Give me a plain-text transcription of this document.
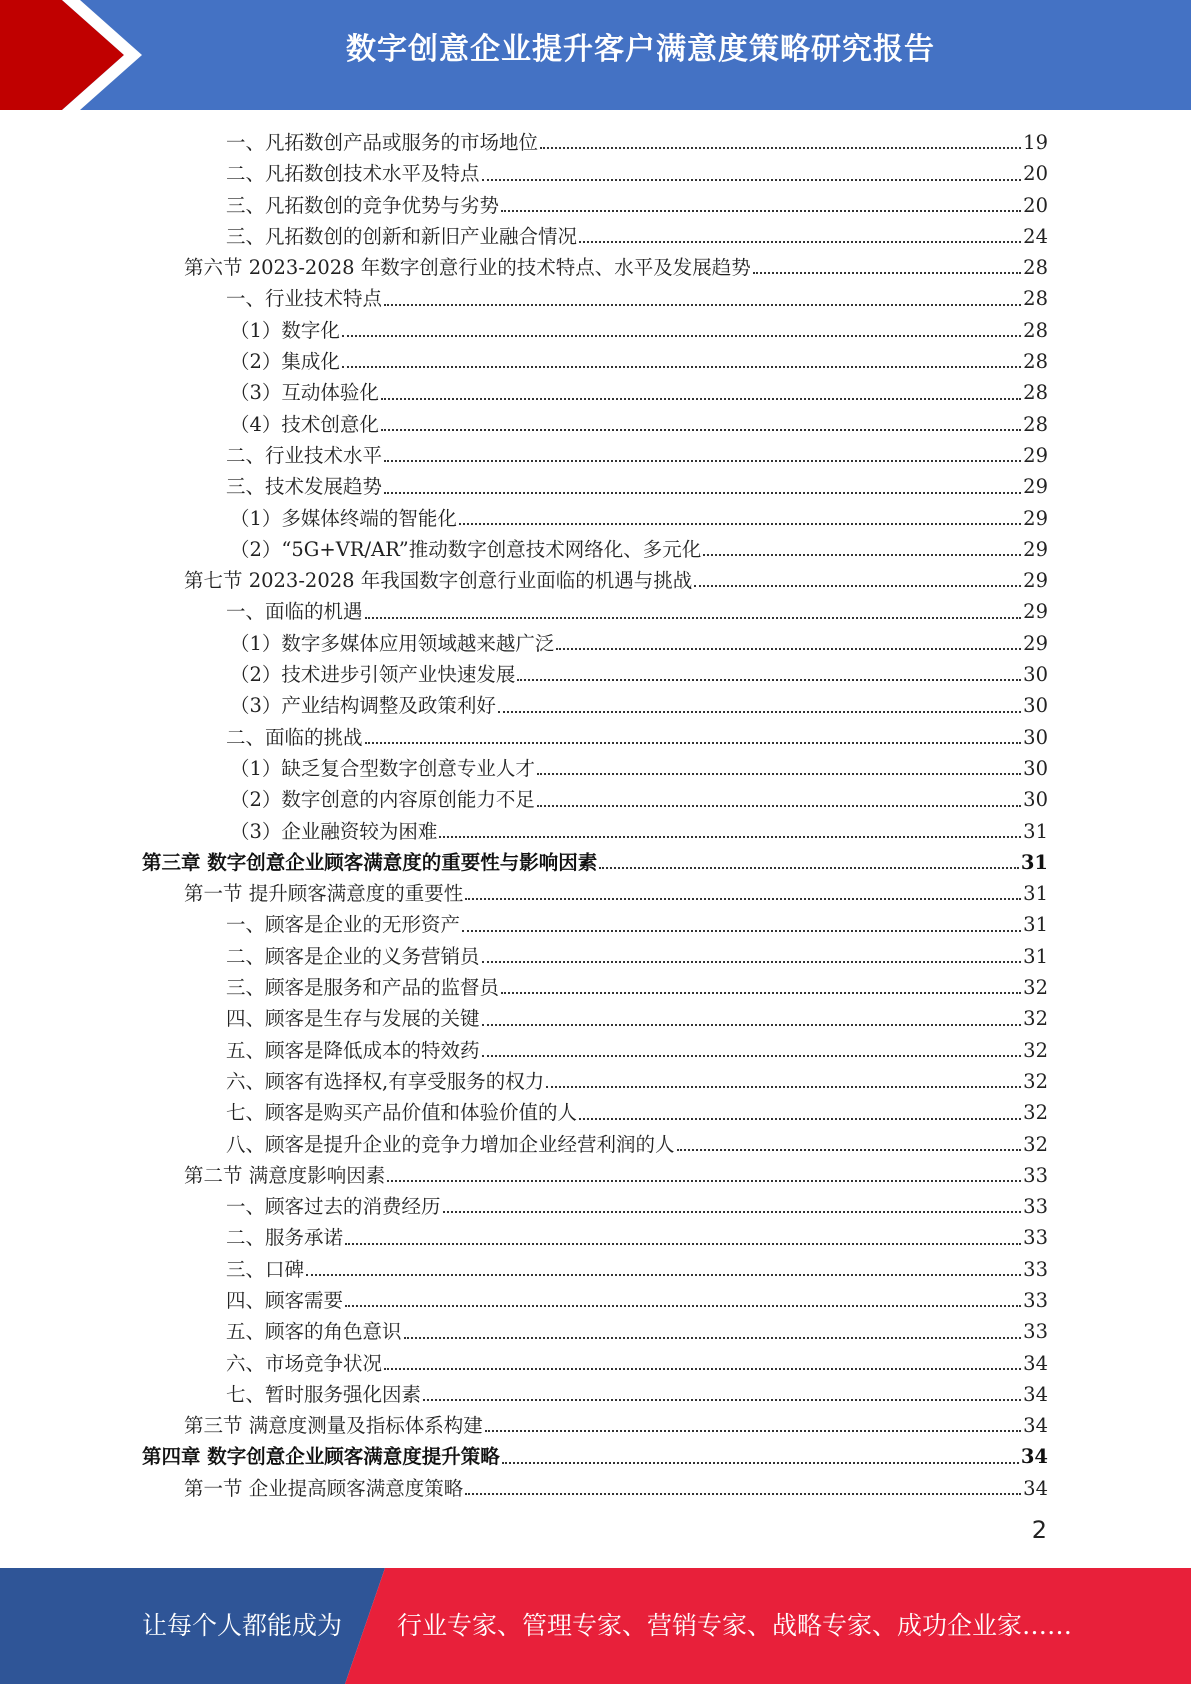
数字创意企业提升客户满意度策略研究报告
一、凡拓数创产品或服务的市场地位	19
二、凡拓数创技术水平及特点	20
三、凡拓数创的竞争优势与劣势	20
三、凡拓数创的创新和新旧产业融合情况	24
第六节 2023-2028 年数字创意行业的技术特点、水平及发展趋势	28
一、行业技术特点	28
（1）数字化	28
（2）集成化	28
（3）互动体验化	28
（4）技术创意化	28
二、行业技术水平	29
三、技术发展趋势	29
（1）多媒体终端的智能化	29
（2）“5G+VR/AR”推动数字创意技术网络化、多元化	29
第七节 2023-2028 年我国数字创意行业面临的机遇与挑战	29
一、面临的机遇	29
（1）数字多媒体应用领域越来越广泛	29
（2）技术进步引领产业快速发展	30
（3）产业结构调整及政策利好	30
二、面临的挑战	30
（1）缺乏复合型数字创意专业人才	30
（2）数字创意的内容原创能力不足	30
（3）企业融资较为困难	31
第三章 数字创意企业顾客满意度的重要性与影响因素	31
第一节 提升顾客满意度的重要性	31
一、顾客是企业的无形资产	31
二、顾客是企业的义务营销员	31
三、顾客是服务和产品的监督员	32
四、顾客是生存与发展的关键	32
五、顾客是降低成本的特效药	32
六、顾客有选择权,有享受服务的权力	32
七、顾客是购买产品价值和体验价值的人	32
八、顾客是提升企业的竞争力增加企业经营利润的人	32
第二节 满意度影响因素	33
一、顾客过去的消费经历	33
二、服务承诺	33
三、口碑	33
四、顾客需要	33
五、顾客的角色意识	33
六、市场竞争状况	34
七、暂时服务强化因素	34
第三节 满意度测量及指标体系构建	34
第四章 数字创意企业顾客满意度提升策略	34
第一节 企业提高顾客满意度策略	34
2
让每个人都能成为 行业专家、管理专家、营销专家、战略专家、成功企业家……
